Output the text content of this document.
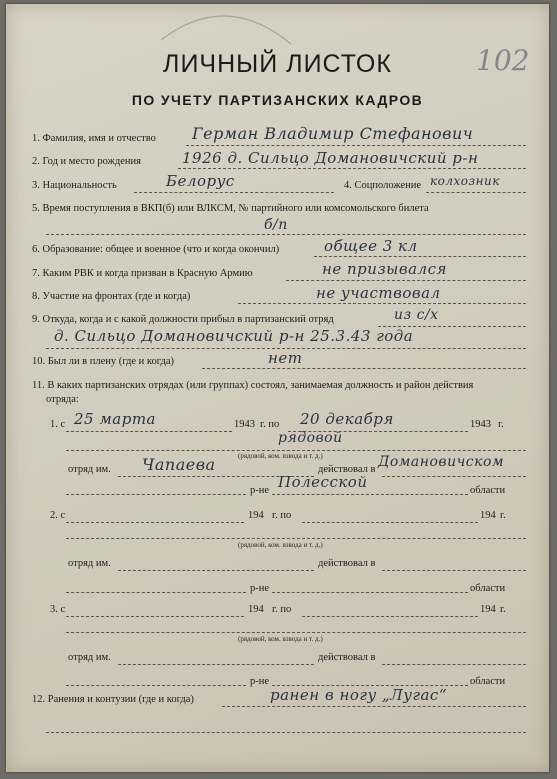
102
ЛИЧНЫЙ ЛИСТОК
ПО УЧЕТУ ПАРТИЗАНСКИХ КАДРОВ
1. Фамилия, имя и отчество Герман Владимир Стефанович
2. Год и место рождения	1926 д. Сильцо Домановичский р-н
3. Национальность	Белорус	4. Соцположение колхозник
5. Время поступления в ВКП(б) или ВЛКСМ, № партийного или комсомольского билета
б/п
6. Образование: общее и военное (что и когда окончил)	общее 3 кл
7. Каким РВК и когда призван в Красную Армию	не призывался
8. Участие на фронтах (где и когда)	не участвовал
9. Откуда, когда и с какой должности прибыл в партизанский отряд	из с/х
д. Сильцо Домановичский р-н 25.3.43 года
10. Был ли в плену (где и когда)	нет
11. В каких партизанских отрядах (или группах) состоял, занимаемая должность и район действия
отряда:
1. с 25 марта	1943 г. по 20 декабря	1943 г.
рядовой
(рядовой, ком. взвода и т. д.)
отряд им. Чапаева	действовал в Домановичском
р-не Полесской	области
2. с	194 г. по	194 г.
(рядовой, ком. взвода и т. д.)
отряд им.	действовал в
р-не	области
3. с	194 г. по	194 г.
(рядовой, ком. взвода и т. д.)
отряд им.	действовал в
р-не	области
12. Ранения и контузии (где и когда)	ранен в ногу „Лугас“
